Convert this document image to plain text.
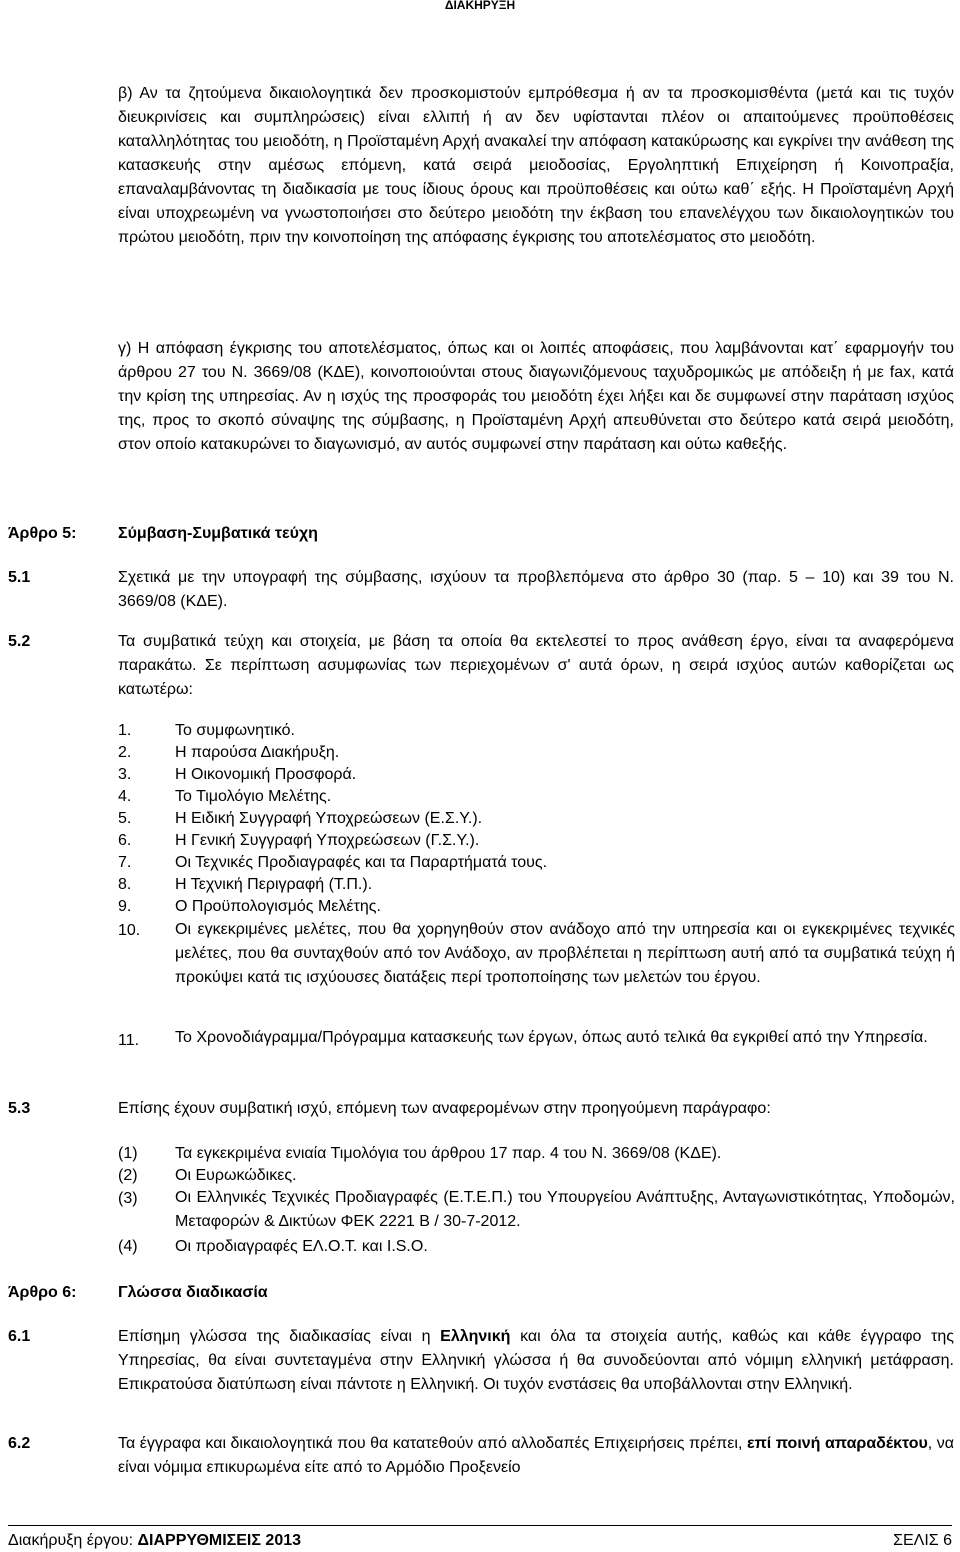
ΔΙΑΚΗΡΥΞΗ

β) Αν τα ζητούμενα δικαιολογητικά δεν προσκομιστούν εμπρόθεσμα ή αν τα προσκομισθέντα (μετά και τις τυχόν διευκρινίσεις και συμπληρώσεις) είναι ελλιπή ή αν δεν υφίστανται πλέον οι απαιτούμενες προϋποθέσεις καταλληλότητας του μειοδότη, η Προϊσταμένη Αρχή ανακαλεί την απόφαση κατακύρωσης και εγκρίνει την ανάθεση της κατασκευής στην αμέσως επόμενη, κατά σειρά μειοδοσίας, Εργοληπτική Επιχείρηση ή Κοινοπραξία, επαναλαμβάνοντας τη διαδικασία με τους ίδιους όρους και προϋποθέσεις και ούτω καθ΄ εξής. Η Προϊσταμένη Αρχή είναι υποχρεωμένη να γνωστοποιήσει στο δεύτερο μειοδότη την έκβαση του επανελέγχου των δικαιολογητικών του πρώτου μειοδότη, πριν την κοινοποίηση της απόφασης έγκρισης του αποτελέσματος στο μειοδότη.

γ) Η απόφαση έγκρισης του αποτελέσματος, όπως και οι λοιπές αποφάσεις, που λαμβάνονται κατ΄ εφαρμογήν του άρθρου 27 του Ν. 3669/08 (ΚΔΕ), κοινοποιούνται στους διαγωνιζόμενους ταχυδρομικώς με απόδειξη ή με fax, κατά την κρίση της υπηρεσίας. Αν η ισχύς της προσφοράς του μειοδότη έχει λήξει και δε συμφωνεί στην παράταση ισχύος της, προς το σκοπό σύναψης της σύμβασης, η Προϊσταμένη Αρχή απευθύνεται στο δεύτερο κατά σειρά μειοδότη, στον οποίο κατακυρώνει το διαγωνισμό, αν αυτός συμφωνεί στην παράταση και ούτω καθεξής.

Άρθρο 5:	Σύμβαση-Συμβατικά τεύχη
5.1	Σχετικά με την υπογραφή της σύμβασης, ισχύουν τα προβλεπόμενα στο άρθρο 30 (παρ. 5 – 10) και 39 του Ν. 3669/08 (ΚΔΕ).

5.2	Τα συμβατικά τεύχη και στοιχεία, με βάση τα οποία θα εκτελεστεί το προς ανάθεση έργο, είναι τα αναφερόμενα παρακάτω. Σε περίπτωση ασυμφωνίας των περιεχομένων σ' αυτά όρων, η σειρά ισχύος αυτών καθορίζεται ως κατωτέρω:

1.	Το συμφωνητικό.
2.	Η παρούσα Διακήρυξη.
3.	Η Οικονομική Προσφορά.
4.	Το Τιμολόγιο Μελέτης.
5.	Η Ειδική Συγγραφή Υποχρεώσεων (Ε.Σ.Υ.).
6.	Η Γενική Συγγραφή Υποχρεώσεων (Γ.Σ.Υ.).
7.	Οι Τεχνικές Προδιαγραφές και τα Παραρτήματά τους.
8.	Η Τεχνική Περιγραφή (Τ.Π.).
9.	Ο Προϋπολογισμός Μελέτης.
10. Οι εγκεκριμένες μελέτες, που θα χορηγηθούν στον ανάδοχο από την υπηρεσία και οι εγκεκριμένες τεχνικές μελέτες, που θα συνταχθούν από τον Ανάδοχο, αν προβλέπεται η περίπτωση αυτή από τα συμβατικά τεύχη ή προκύψει κατά τις ισχύουσες διατάξεις περί τροποποίησης των μελετών του έργου.

11. Το Χρονοδιάγραμμα/Πρόγραμμα κατασκευής των έργων, όπως αυτό τελικά θα εγκριθεί από την Υπηρεσία.

5.3	Επίσης έχουν συμβατική ισχύ, επόμενη των αναφερομένων στην προηγούμενη παράγραφο:

(1) Τα εγκεκριμένα ενιαία Τιμολόγια του άρθρου 17 παρ. 4 του Ν. 3669/08 (ΚΔΕ).
(2) Οι Ευρωκώδικες.
(3) Οι Ελληνικές Τεχνικές Προδιαγραφές (Ε.Τ.Ε.Π.) του Υπουργείου Ανάπτυξης, Ανταγωνιστικότητας, Υποδομών, Μεταφορών & Δικτύων ΦΕΚ 2221 Β / 30-7-2012.

(4) Οι προδιαγραφές ΕΛ.Ο.Τ. και I.S.O.
Άρθρο 6:	Γλώσσα διαδικασία
6.1	Επίσημη γλώσσα της διαδικασίας είναι η Ελληνική και όλα τα στοιχεία αυτής, καθώς και κάθε έγγραφο της Υπηρεσίας, θα είναι συντεταγμένα στην Ελληνική γλώσσα ή θα συνοδεύονται από νόμιμη ελληνική μετάφραση. Επικρατούσα διατύπωση είναι πάντοτε η Ελληνική. Οι τυχόν ενστάσεις θα υποβάλλονται στην Ελληνική.

6.2	Τα έγγραφα και δικαιολογητικά που θα κατατεθούν από αλλοδαπές Επιχειρήσεις πρέπει, επί ποινή απαραδέκτου, να είναι νόμιμα επικυρωμένα είτε από το Αρμόδιο Προξενείο

Διακήρυξη έργου: ΔΙΑΡΡΥΘΜΙΣΕΙΣ 2013	ΣΕΛΙΣ 6
